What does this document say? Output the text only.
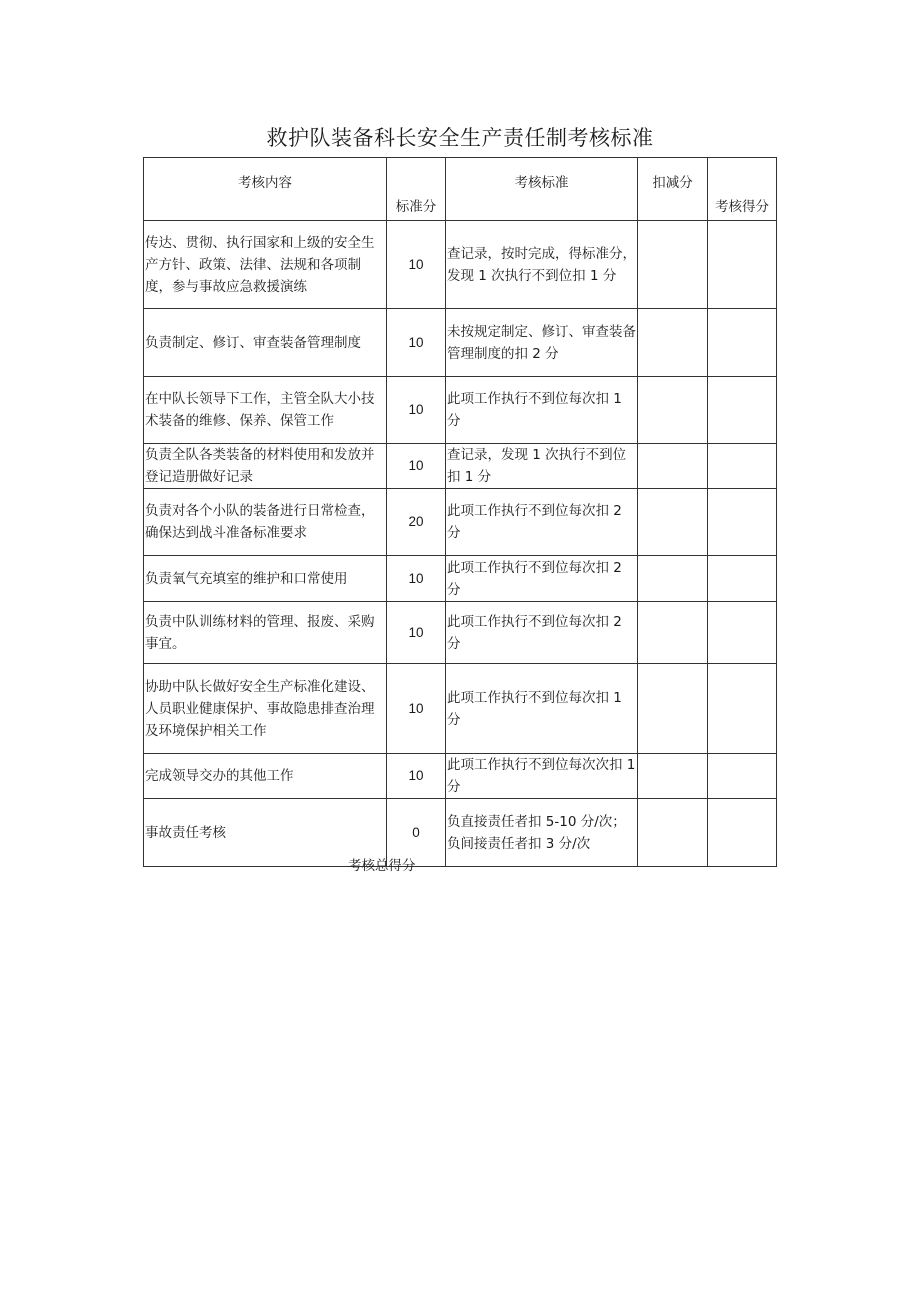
救护队装备科长安全生产责任制考核标准
考核内容	标准分	考核标准	扣减分	考核得分
传达、贯彻、执行国家和上级的安全生产方针、政策、法律、法规和各项制度，参与事故应急救援演练	10	查记录，按时完成，得标准分，发现 1 次执行不到位扣 1 分		
负责制定、修订、审查装备管理制度	10	未按规定制定、修订、审查装备管理制度的扣 2 分		
在中队长领导下工作，主管全队大小技术装备的维修、保养、保管工作	10	此项工作执行不到位每次扣 1 分		
负责全队各类装备的材料使用和发放并登记造册做好记录	10	查记录，发现 1 次执行不到位扣 1 分		
负责对各个小队的装备进行日常检查，确保达到战斗准备标准要求	20	此项工作执行不到位每次扣 2 分		
负责氧气充填室的维护和口常使用	10	此项工作执行不到位每次扣 2 分		
负责中队训练材料的管理、报废、采购事宜。	10	此项工作执行不到位每次扣 2 分		
协助中队长做好安全生产标准化建设、人员职业健康保护、事故隐患排查治理及环境保护相关工作	10	此项工作执行不到位每次扣 1 分		
完成领导交办的其他工作	10	此项工作执行不到位每次次扣 1 分		
事故责任考核	0	负直接责任者扣 5-10 分/次；负间接责任者扣 3 分/次		
考核总得分
